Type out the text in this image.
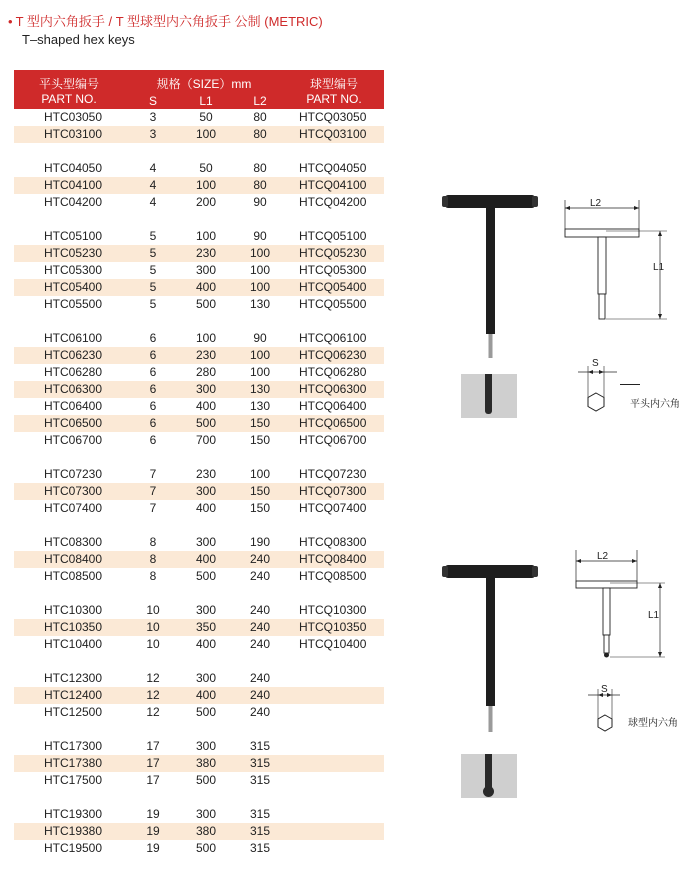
• T 型内六角扳手 / T 型球型内六角扳手 公制 (METRIC)
T–shaped hex keys
平头型编号
PART NO.
规格（SIZE）mm
S	L1	L2
球型编号
PART NO.
HTC03050	3	50	80	HTCQ03050
HTC03100	3	100	80	HTCQ03100
HTC04050	4	50	80	HTCQ04050
HTC04100	4	100	80	HTCQ04100
HTC04200	4	200	90	HTCQ04200
HTC05100	5	100	90	HTCQ05100
HTC05230	5	230	100	HTCQ05230
HTC05300	5	300	100	HTCQ05300
HTC05400	5	400	100	HTCQ05400
HTC05500	5	500	130	HTCQ05500
HTC06100	6	100	90	HTCQ06100
HTC06230	6	230	100	HTCQ06230
HTC06280	6	280	100	HTCQ06280
HTC06300	6	300	130	HTCQ06300
HTC06400	6	400	130	HTCQ06400
HTC06500	6	500	150	HTCQ06500
HTC06700	6	700	150	HTCQ06700
HTC07230	7	230	100	HTCQ07230
HTC07300	7	300	150	HTCQ07300
HTC07400	7	400	150	HTCQ07400
HTC08300	8	300	190	HTCQ08300
HTC08400	8	400	240	HTCQ08400
HTC08500	8	500	240	HTCQ08500
HTC10300	10	300	240	HTCQ10300
HTC10350	10	350	240	HTCQ10350
HTC10400	10	400	240	HTCQ10400
HTC12300	12	300	240
HTC12400	12	400	240
HTC12500	12	500	240
HTC17300	17	300	315
HTC17380	17	380	315
HTC17500	17	500	315
HTC19300	19	300	315
HTC19380	19	380	315
HTC19500	19	500	315
L2
L1
S
平头内六角
L2
L1
S
球型内六角
